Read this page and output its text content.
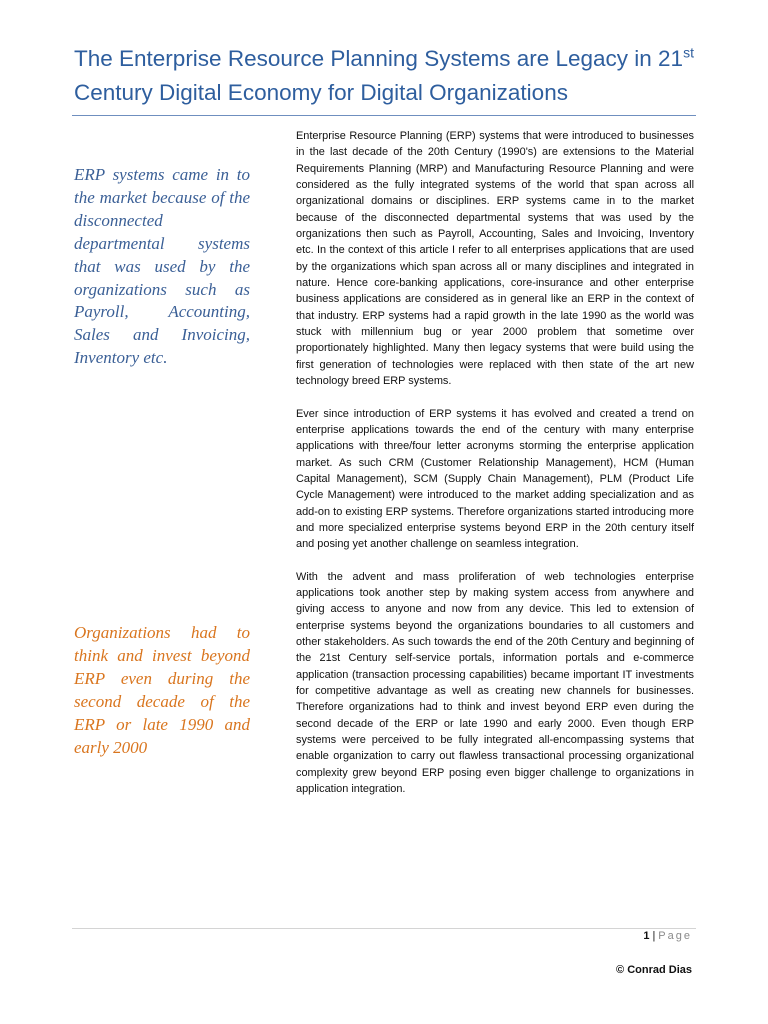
The Enterprise Resource Planning Systems are Legacy in 21st Century Digital Economy for Digital Organizations

ERP systems came in to the market because of the disconnected departmental systems that was used by the organizations such as Payroll, Accounting, Sales and Invoicing, Inventory etc.

Organizations had to think and invest beyond ERP even during the second decade of the ERP or late 1990 and early 2000

Enterprise Resource Planning (ERP) systems that were introduced to businesses in the last decade of the 20th Century (1990's) are extensions to the Material Requirements Planning (MRP) and Manufacturing Resource Planning and were considered as the fully integrated systems of the world that span across all organizational domains or disciplines. ERP systems came in to the market because of the disconnected departmental systems that was used by the organizations then such as Payroll, Accounting, Sales and Invoicing, Inventory etc. In the context of this article I refer to all enterprises applications that are used by the organizations which span across all or many disciplines and integrated in nature. Hence core-banking applications, core-insurance and other enterprise business applications are considered as in general like an ERP in the context of that industry. ERP systems had a rapid growth in the late 1990 as the world was stuck with millennium bug or year 2000 problem that sometime over proportionately highlighted. Many then legacy systems that were build using the first generation of technologies were replaced with then state of the art new technology breed ERP systems.

Ever since introduction of ERP systems it has evolved and created a trend on enterprise applications towards the end of the century with many enterprise applications with three/four letter acronyms storming the enterprise application market. As such CRM (Customer Relationship Management), HCM (Human Capital Management), SCM (Supply Chain Management), PLM (Product Life Cycle Management) were introduced to the market adding specialization and as add-on to existing ERP systems. Therefore organizations started introducing more and more specialized enterprise systems beyond ERP in the 20th century itself and posing yet another challenge on seamless integration.

With the advent and mass proliferation of web technologies enterprise applications took another step by making system access from anywhere and giving access to anyone and now from any device. This led to extension of enterprise systems beyond the organizations boundaries to all customers and other stakeholders. As such towards the end of the 20th Century and beginning of the 21st Century self-service portals, information portals and e-commerce application (transaction processing capabilities) became important IT investments for competitive advantage as well as creating new channels for businesses. Therefore organizations had to think and invest beyond ERP even during the second decade of the ERP or late 1990 and early 2000. Even though ERP systems were perceived to be fully integrated all-encompassing systems that enable organization to carry out flawless transactional processing organizational complexity grew beyond ERP posing even bigger challenge to organizations in application integration.

1 | Page
© Conrad Dias
